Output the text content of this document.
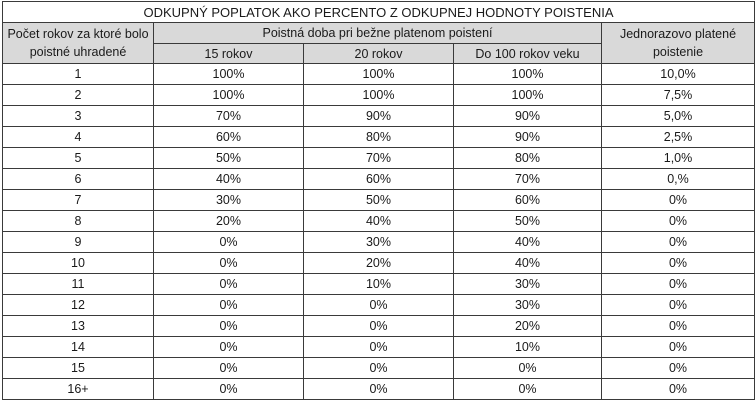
ODKUPNÝ POPLATOK AKO PERCENTO Z ODKUPNEJ HODNOTY POISTENIA				
Počet rokov za ktoré bolo poistné uhradené	Poistná doba pri bežne platenom poistení			Jednorazovo platené poistenie
	15 rokov	20 rokov	Do 100 rokov veku	
1	100%	100%	100%	10,0%
2	100%	100%	100%	7,5%
3	70%	90%	90%	5,0%
4	60%	80%	90%	2,5%
5	50%	70%	80%	1,0%
6	40%	60%	70%	0,%
7	30%	50%	60%	0%
8	20%	40%	50%	0%
9	0%	30%	40%	0%
10	0%	20%	40%	0%
11	0%	10%	30%	0%
12	0%	0%	30%	0%
13	0%	0%	20%	0%
14	0%	0%	10%	0%
15	0%	0%	0%	0%
16+	0%	0%	0%	0%
